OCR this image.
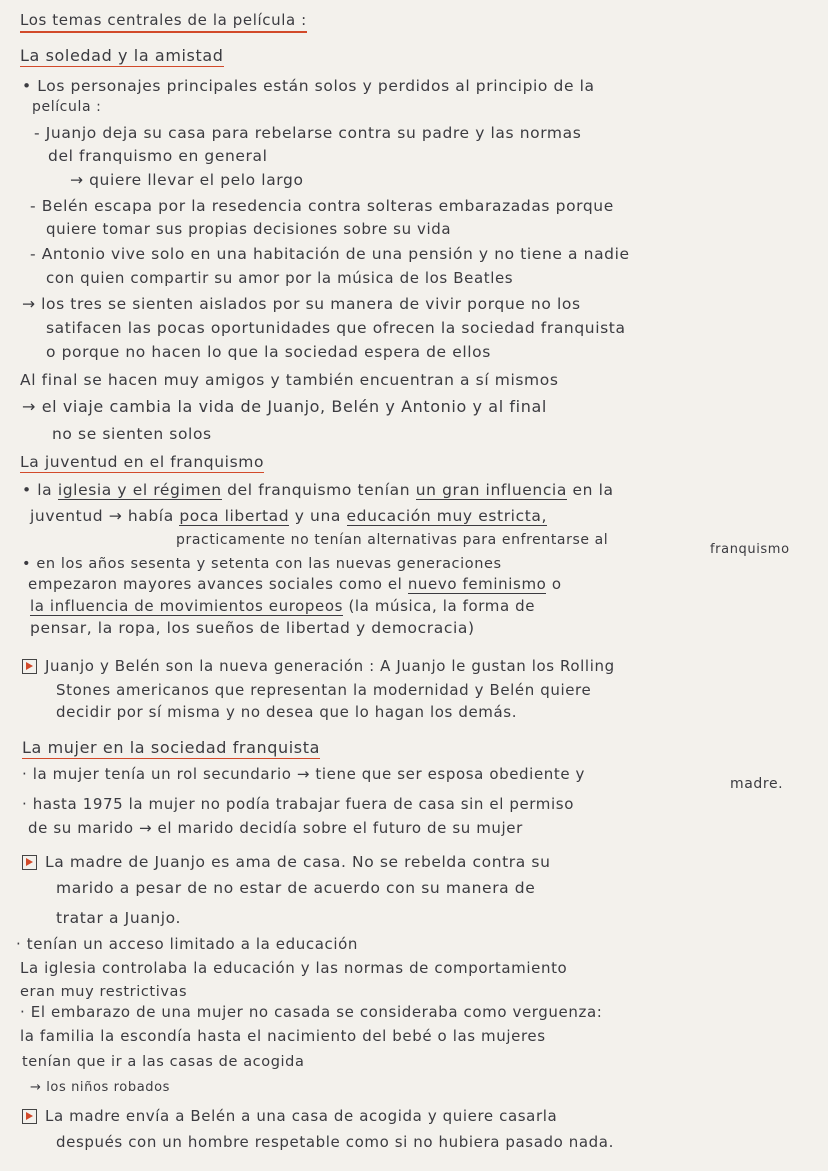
Los temas centrales de la película :
La soledad y la amistad
• Los personajes principales están solos y perdidos al principio de la
película :
- Juanjo deja su casa para rebelarse contra su padre y las normas
del franquismo en general
→ quiere llevar el pelo largo
- Belén escapa por la resedencia contra solteras embarazadas porque
quiere tomar sus propias decisiones sobre su vida
- Antonio vive solo en una habitación de una pensión y no tiene a nadie
con quien compartir su amor por la música de los Beatles
→ los tres se sienten aislados por su manera de vivir porque no los
satifacen las pocas oportunidades que ofrecen la sociedad franquista
o porque no hacen lo que la sociedad espera de ellos
Al final se hacen muy amigos y también encuentran a sí mismos
→ el viaje cambia la vida de Juanjo, Belén y Antonio y al final
no se sienten solos
La juventud en el franquismo
• la iglesia y el régimen del franquismo tenían un gran influencia en la
juventud → había poca libertad y una educación muy estricta,
practicamente no tenían alternativas para enfrentarse al
franquismo
• en los años sesenta y setenta con las nuevas generaciones
empezaron mayores avances sociales como el nuevo feminismo o
la influencia de movimientos europeos (la música, la forma de
pensar, la ropa, los sueños de libertad y democracia)
Juanjo y Belén son la nueva generación : A Juanjo le gustan los Rolling
Stones americanos que representan la modernidad y Belén quiere
decidir por sí misma y no desea que lo hagan los demás.
La mujer en la sociedad franquista
· la mujer tenía un rol secundario → tiene que ser esposa obediente y
madre.
· hasta 1975 la mujer no podía trabajar fuera de casa sin el permiso
de su marido → el marido decidía sobre el futuro de su mujer
La madre de Juanjo es ama de casa. No se rebelda contra su
marido a pesar de no estar de acuerdo con su manera de
tratar a Juanjo.
· tenían un acceso limitado a la educación
La iglesia controlaba la educación y las normas de comportamiento
eran muy restrictivas
· El embarazo de una mujer no casada se consideraba como verguenza:
la familia la escondía hasta el nacimiento del bebé o las mujeres
tenían que ir a las casas de acogida
→ los niños robados
La madre envía a Belén a una casa de acogida y quiere casarla
después con un hombre respetable como si no hubiera pasado nada.
